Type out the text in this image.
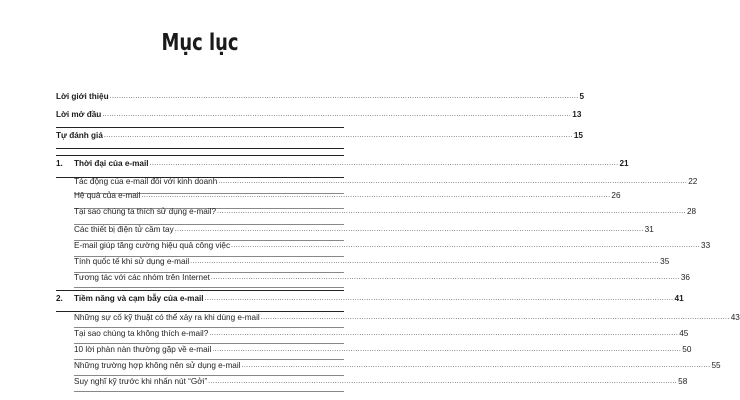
Mục lục
Lời giới thiệu ........................................................................................................................................................................................................ 5
Lời mở đầu ........................................................................................................................................................................................................ 13
Tự đánh giá ........................................................................................................................................................................................................ 15
1.	Thời đại của e-mail ........................................................................................................................................................................................................ 21
Tác động của e-mail đối với kinh doanh ........................................................................................................................................................................................................ 22
Hệ quả của e-mail ........................................................................................................................................................................................................ 26
Tại sao chúng ta thích sử dụng e-mail? ........................................................................................................................................................................................................ 28
Các thiết bị điện tử cầm tay ........................................................................................................................................................................................................ 31
E-mail giúp tăng cường hiệu quả công việc ........................................................................................................................................................................................................ 33
Tính quốc tế khi sử dụng e-mail ........................................................................................................................................................................................................ 35
Tương tác với các nhóm trên Internet ........................................................................................................................................................................................................ 36
2.	Tiềm năng và cạm bẫy của e-mail ........................................................................................................................................................................................................ 41
Những sự cố kỹ thuật có thể xảy ra khi dùng e-mail ........................................................................................................................................................................................................ 43
Tại sao chúng ta không thích e-mail? ........................................................................................................................................................................................................ 45
10 lời phàn nàn thường gặp về e-mail ........................................................................................................................................................................................................ 50
Những trường hợp không nên sử dụng e-mail ........................................................................................................................................................................................................ 55
Suy nghĩ kỹ trước khi nhấn nút “Gởi” ........................................................................................................................................................................................................ 58
